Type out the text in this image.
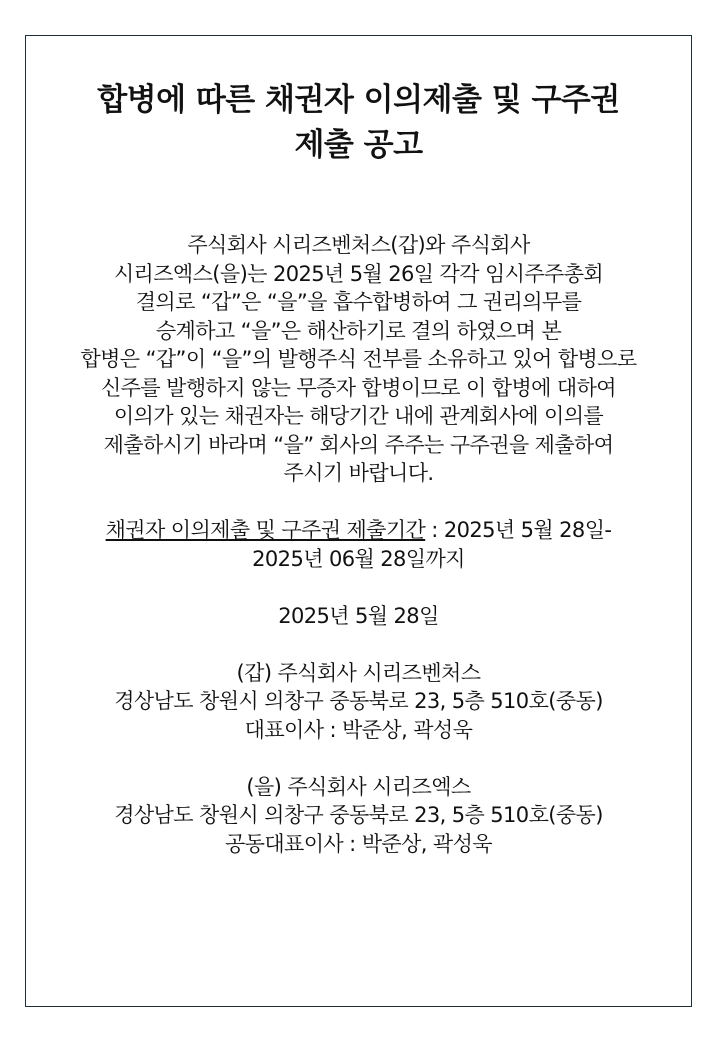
합병에 따른 채권자 이의제출 및 구주권
제출 공고
주식회사 시리즈벤처스(갑)와 주식회사
시리즈엑스(을)는 2025년 5월 26일 각각 임시주주총회
결의로 “갑”은 “을”을 흡수합병하여 그 권리의무를
승계하고 “을”은 해산하기로 결의 하였으며 본
합병은 “갑”이 “을”의 발행주식 전부를 소유하고 있어 합병으로
신주를 발행하지 않는 무증자 합병이므로 이 합병에 대하여
이의가 있는 채권자는 해당기간 내에 관계회사에 이의를
제출하시기 바라며 “을” 회사의 주주는 구주권을 제출하여
주시기 바랍니다.
채권자 이의제출 및 구주권 제출기간 : 2025년 5월 28일-
2025년 06월 28일까지
2025년 5월 28일
(갑) 주식회사 시리즈벤처스
경상남도 창원시 의창구 중동북로 23, 5층 510호(중동)
대표이사 : 박준상, 곽성욱
(을) 주식회사 시리즈엑스
경상남도 창원시 의창구 중동북로 23, 5층 510호(중동)
공동대표이사 : 박준상, 곽성욱
